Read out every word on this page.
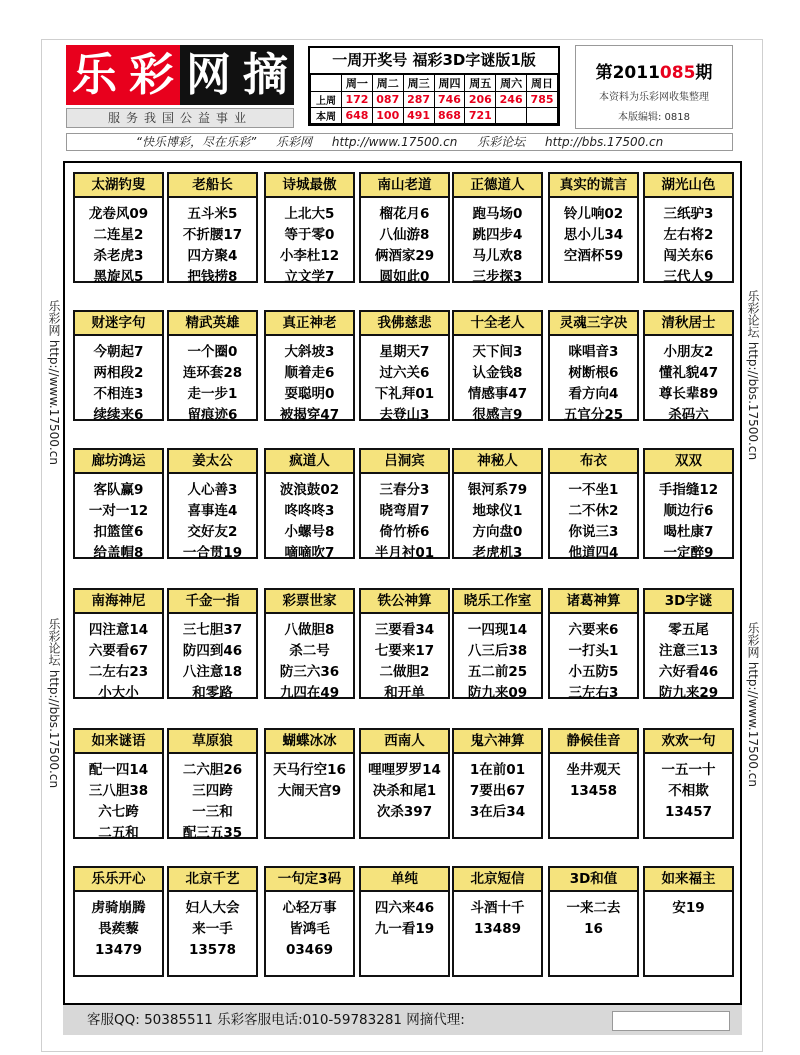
乐 彩 网 摘
服务我国公益事业
一周开奖号 福彩3D字谜版1版
	周一	周二	周三	周四	周五	周六	周日
上周	172	087	287	746	206	246	785
本周	648	100	491	868	721		
第2011085期
本资料为乐彩网收集整理
本版编辑: 0818
“快乐博彩，尽在乐彩” 乐彩网 http://www.17500.cn 乐彩论坛 http://bbs.17500.cn
乐彩网 http://www.17500.cn
乐彩论坛 http://bbs.17500.cn
乐彩论坛 http://bbs.17500.cn
乐彩网 http://www.17500.cn
太湖钓叟
龙卷风09
二连星2
杀老虎3
黑旋风5
老船长
五斗米5
不折腰17
四方聚4
把钱捞8
诗城最傲
上北大5
等于零0
小李杜12
立文学7
南山老道
榴花月6
八仙游8
俩酒家29
圆如此0
正德道人
跑马场0
跳四步4
马儿欢8
三步探3
真实的谎言
铃儿响02
思小儿34
空酒杯59
湖光山色
三纸驴3
左右将2
闯关东6
三代人9
财迷字句
今朝起7
两相段2
不相连3
续续来6
精武英雄
一个圈0
连环套28
走一步1
留痕迹6
真正神老
大斜坡3
顺着走6
耍聪明0
被揭穿47
我佛慈悲
星期天7
过六关6
下礼拜01
去登山3
十全老人
天下间3
认金钱8
情感事47
很感言9
灵魂三字决
咪唱音3
树断根6
看方向4
五官分25
清秋居士
小朋友2
懂礼貌47
尊长辈89
杀码六
廊坊鸿运
客队赢9
一对一12
扣篮筐6
给盖帽8
姜太公
人心善3
喜事连4
交好友2
一合贯19
疯道人
波浪鼓02
咚咚咚3
小螺号8
嘀嘀吹7
吕洞宾
三春分3
晓弯眉7
倚竹桥6
半月衬01
神秘人
银河系79
地球仪1
方向盘0
老虎机3
布衣
一不坐1
二不休2
你说三3
他道四4
双双
手指缝12
顺边行6
喝杜康7
一定醉9
南海神尼
四注意14
六要看67
二左右23
小大小
千金一指
三七胆37
防四到46
八注意18
和零路
彩票世家
八做胆8
杀二号
防三六36
九四在49
铁公神算
三要看34
七要来17
二做胆2
和开单
晓乐工作室
一四现14
八三后38
五二前25
防九来09
诸葛神算
六要来6
一打头1
小五防5
三左右3
3D字谜
零五尾
注意三13
六好看46
防九来29
如来谜语
配一四14
三八胆38
六七跨
二五和
草原狼
二六胆26
三四跨
一三和
配三五35
蝴蝶冰冰
天马行空16
大闹天宫9
西南人
哩哩罗罗14
决杀和尾1
次杀397
鬼六神算
1在前01
7要出67
3在后34
静候佳音
坐井观天
13458
欢欢一句
一五一十
不相欺
13457
乐乐开心
虏骑崩腾
畏蒺藜
13479
北京千艺
妇人大会
来一手
13578
一句定3码
心轻万事
皆鸿毛
03469
单纯
四六来46
九一看19
北京短信
斗酒十千
13489
3D和值
一来二去
16
如来福主
安19
客服QQ: 50385511 乐彩客服电话:010-59783281 网摘代理:
